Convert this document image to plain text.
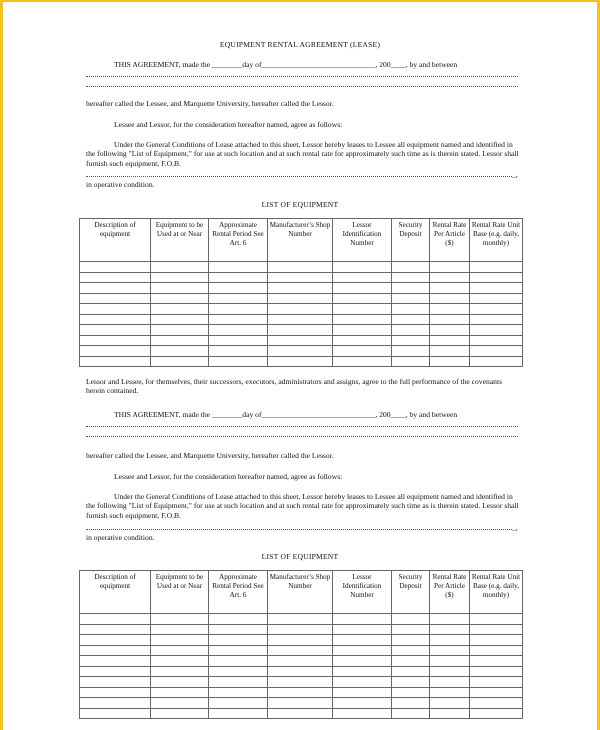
EQUIPMENT RENTAL AGREEMENT (LEASE)
THIS AGREEMENT, made the ________day of______________________________, 200____, by and between
hereafter called the Lessee, and Marquette University, hereafter called the Lessor.
Lessee and Lessor, for the consideration hereafter named, agree as follows:
Under the General Conditions of Lease attached to this sheet, Lessor hereby leases to Lessee all equipment named and identified in the following "List of Equipment," for use at such location and at such rental rate for approximately such time as is therein stated. Lessor shall furnish such equipment, F.O.B.
_,
in operative condition.
LIST OF EQUIPMENT
Description of equipment	Equipment to be Used at or Near	Approximate Rental Period See Art. 6	Manufacturer’s Shop Number	Lessor Identification Number	Security Deposit	Rental Rate Per Article ($)	Rental Rate Unit Base (e.g. daily, monthly)

Lessor and Lessee, for themselves, their successors, executors, administrators and assigns, agree to the full performance of the covenants herein contained.
THIS AGREEMENT, made the ________day of______________________________, 200____, by and between
hereafter called the Lessee, and Marquette University, hereafter called the Lessor.
Lessee and Lessor, for the consideration hereafter named, agree as follows:
Under the General Conditions of Lease attached to this sheet, Lessor hereby leases to Lessee all equipment named and identified in the following "List of Equipment," for use at such location and at such rental rate for approximately such time as is therein stated. Lessor shall furnish such equipment, F.O.B.
_,
in operative condition.
LIST OF EQUIPMENT
Description of equipment	Equipment to be Used at or Near	Approximate Rental Period See Art. 6	Manufacturer’s Shop Number	Lessor Identification Number	Security Deposit	Rental Rate Per Article ($)	Rental Rate Unit Base (e.g. daily, monthly)
